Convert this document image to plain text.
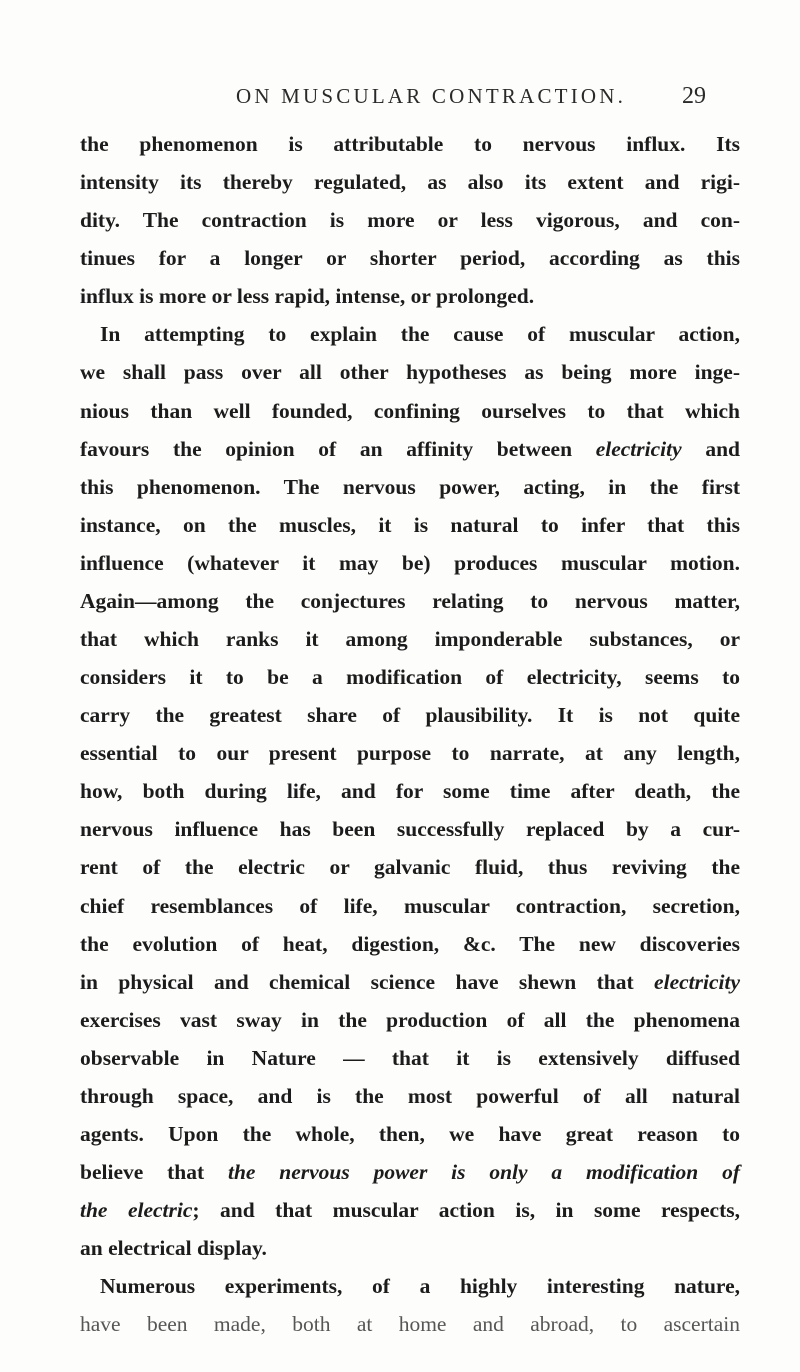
ON MUSCULAR CONTRACTION. 29
the phenomenon is attributable to nervous influx. Its
intensity its thereby regulated, as also its extent and rigi-
dity. The contraction is more or less vigorous, and con-
tinues for a longer or shorter period, according as this
influx is more or less rapid, intense, or prolonged.
In attempting to explain the cause of muscular action,
we shall pass over all other hypotheses as being more inge-
nious than well founded, confining ourselves to that which
favours the opinion of an affinity between electricity and
this phenomenon. The nervous power, acting, in the first
instance, on the muscles, it is natural to infer that this
influence (whatever it may be) produces muscular motion.
Again—among the conjectures relating to nervous matter,
that which ranks it among imponderable substances, or
considers it to be a modification of electricity, seems to
carry the greatest share of plausibility. It is not quite
essential to our present purpose to narrate, at any length,
how, both during life, and for some time after death, the
nervous influence has been successfully replaced by a cur-
rent of the electric or galvanic fluid, thus reviving the
chief resemblances of life, muscular contraction, secretion,
the evolution of heat, digestion, &c. The new discoveries
in physical and chemical science have shewn that electricity
exercises vast sway in the production of all the phenomena
observable in Nature — that it is extensively diffused
through space, and is the most powerful of all natural
agents. Upon the whole, then, we have great reason to
believe that the nervous power is only a modification of
the electric; and that muscular action is, in some respects,
an electrical display.
Numerous experiments, of a highly interesting nature,
have been made, both at home and abroad, to ascertain
